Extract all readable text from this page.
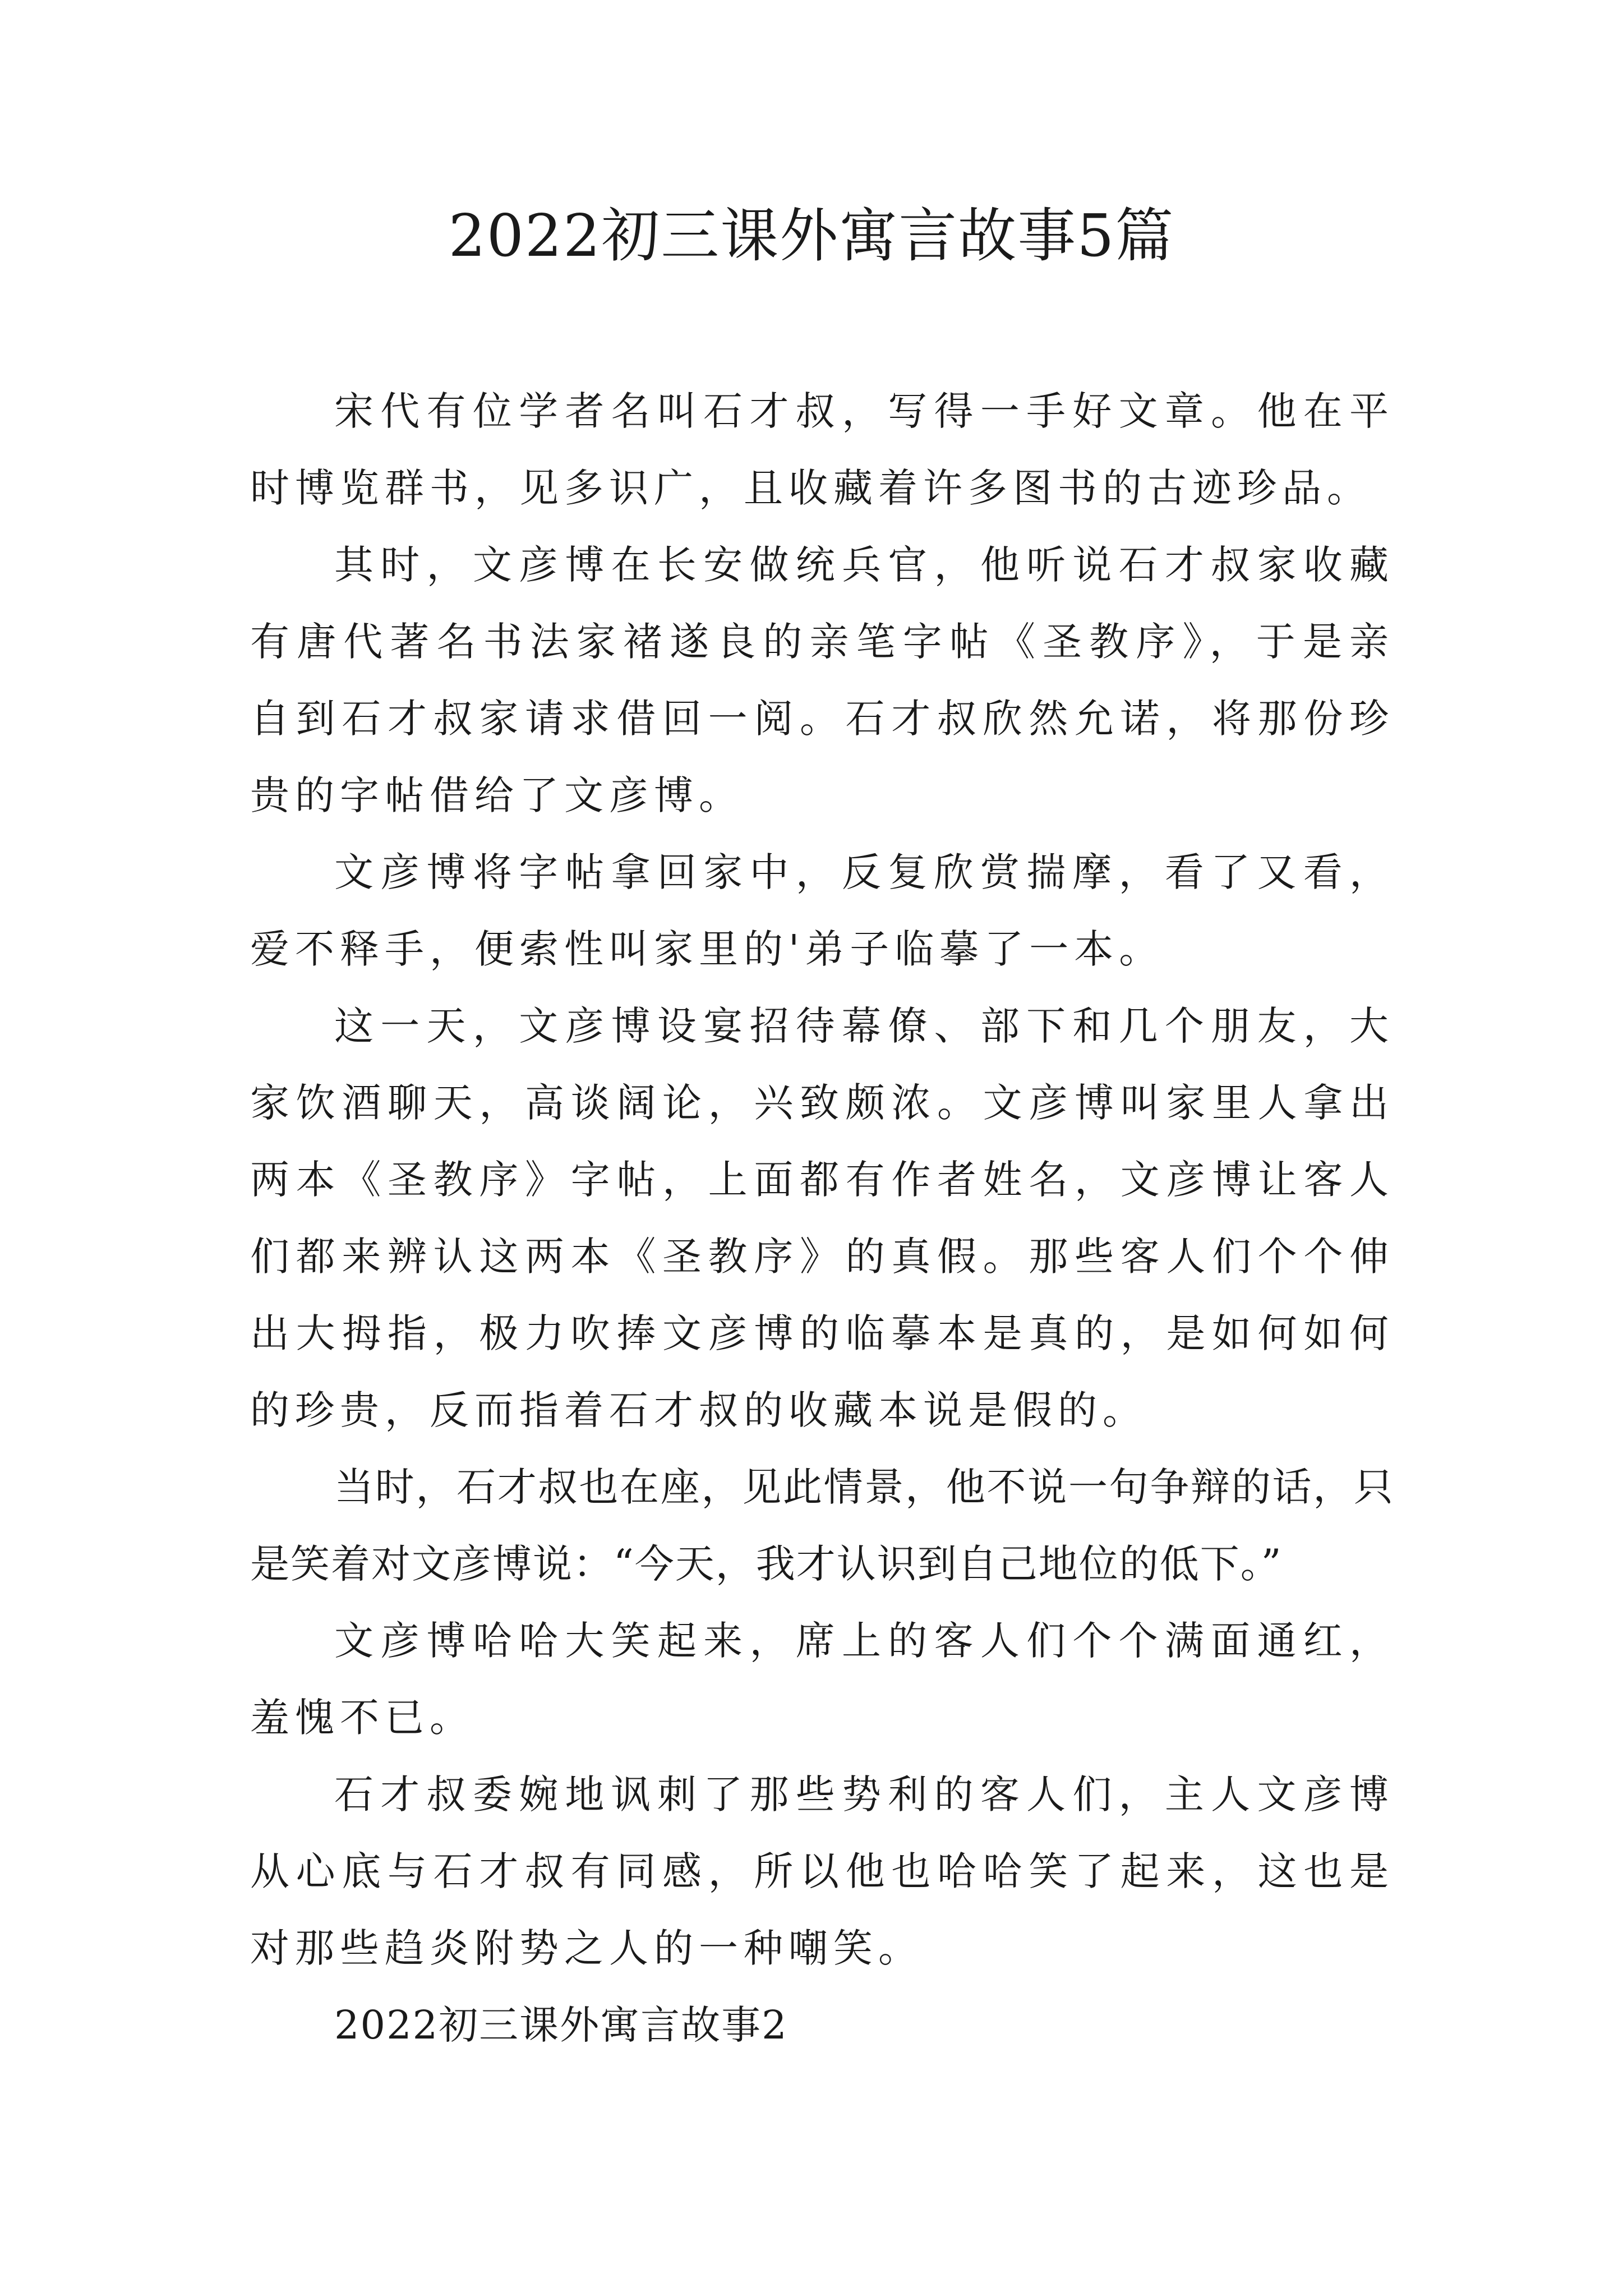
2022初三课外寓言故事5篇

宋代有位学者名叫石才叔，写得一手好文章。他在平时博览群书，见多识广，且收藏着许多图书的古迹珍品。

其时，文彦博在长安做统兵官，他听说石才叔家收藏有唐代著名书法家褚遂良的亲笔字帖《圣教序》，于是亲自到石才叔家请求借回一阅。石才叔欣然允诺，将那份珍贵的字帖借给了文彦博。

文彦博将字帖拿回家中，反复欣赏揣摩，看了又看，爱不释手，便索性叫家里的'弟子临摹了一本。

这一天，文彦博设宴招待幕僚、部下和几个朋友，大家饮酒聊天，高谈阔论，兴致颇浓。文彦博叫家里人拿出两本《圣教序》字帖，上面都有作者姓名，文彦博让客人们都来辨认这两本《圣教序》的真假。那些客人们个个伸出大拇指，极力吹捧文彦博的临摹本是真的，是如何如何的珍贵，反而指着石才叔的收藏本说是假的。

当时，石才叔也在座，见此情景，他不说一句争辩的话，只是笑着对文彦博说：“今天，我才认识到自己地位的低下。”

文彦博哈哈大笑起来，席上的客人们个个满面通红，羞愧不已。

石才叔委婉地讽刺了那些势利的客人们，主人文彦博从心底与石才叔有同感，所以他也哈哈笑了起来，这也是对那些趋炎附势之人的一种嘲笑。

2022初三课外寓言故事2
